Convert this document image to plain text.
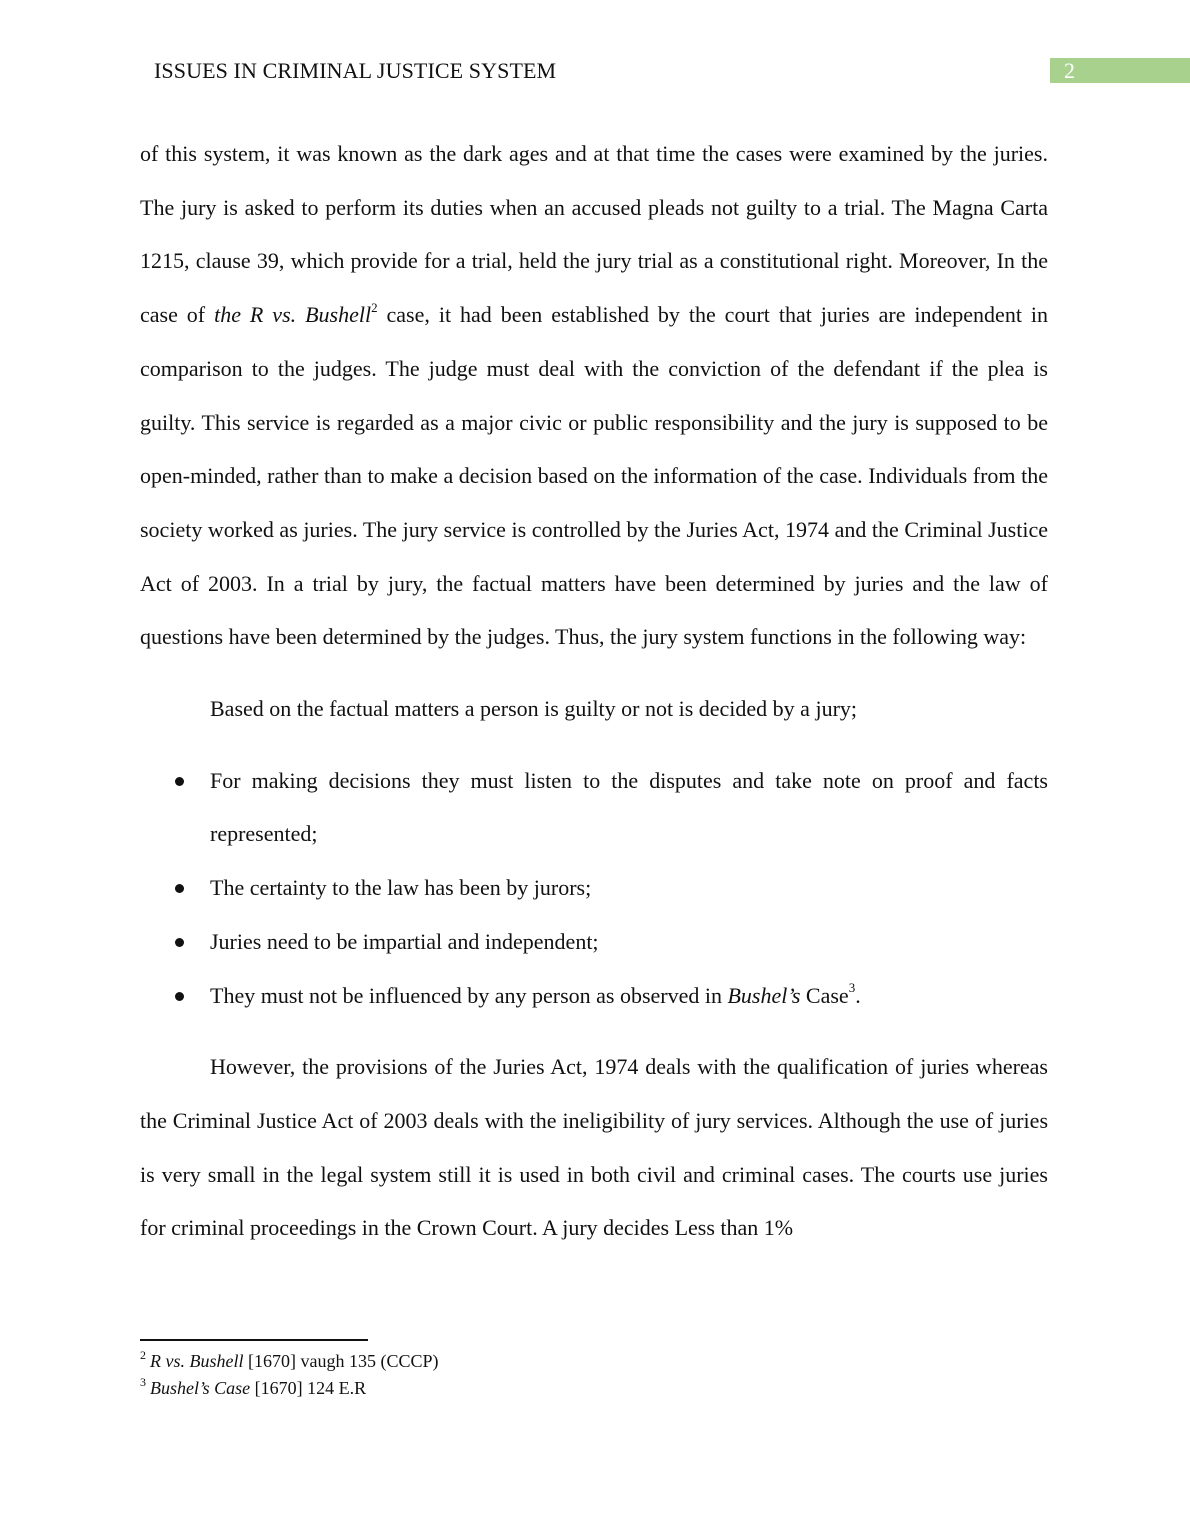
ISSUES IN CRIMINAL JUSTICE SYSTEM	2

of this system, it was known as the dark ages and at that time the cases were examined by the juries. The jury is asked to perform its duties when an accused pleads not guilty to a trial. The Magna Carta 1215, clause 39, which provide for a trial, held the jury trial as a constitutional right. Moreover, In the case of the R vs. Bushell$^2$ case, it had been established by the court that juries are independent in comparison to the judges. The judge must deal with the conviction of the defendant if the plea is guilty. This service is regarded as a major civic or public responsibility and the jury is supposed to be open-minded, rather than to make a decision based on the information of the case. Individuals from the society worked as juries. The jury service is controlled by the Juries Act, 1974 and the Criminal Justice Act of 2003. In a trial by jury, the factual matters have been determined by juries and the law of questions have been determined by the judges. Thus, the jury system functions in the following way:

Based on the factual matters a person is guilty or not is decided by a jury;

For making decisions they must listen to the disputes and take note on proof and facts represented;
The certainty to the law has been by jurors;
Juries need to be impartial and independent;
They must not be influenced by any person as observed in Bushel’s Case$^3$.

However, the provisions of the Juries Act, 1974 deals with the qualification of juries whereas the Criminal Justice Act of 2003 deals with the ineligibility of jury services. Although the use of juries is very small in the legal system still it is used in both civil and criminal cases. The courts use juries for criminal proceedings in the Crown Court. A jury decides Less than 1%

$^2$ R vs. Bushell [1670] vaugh 135 (CCCP)
$^3$ Bushel’s Case [1670] 124 E.R
